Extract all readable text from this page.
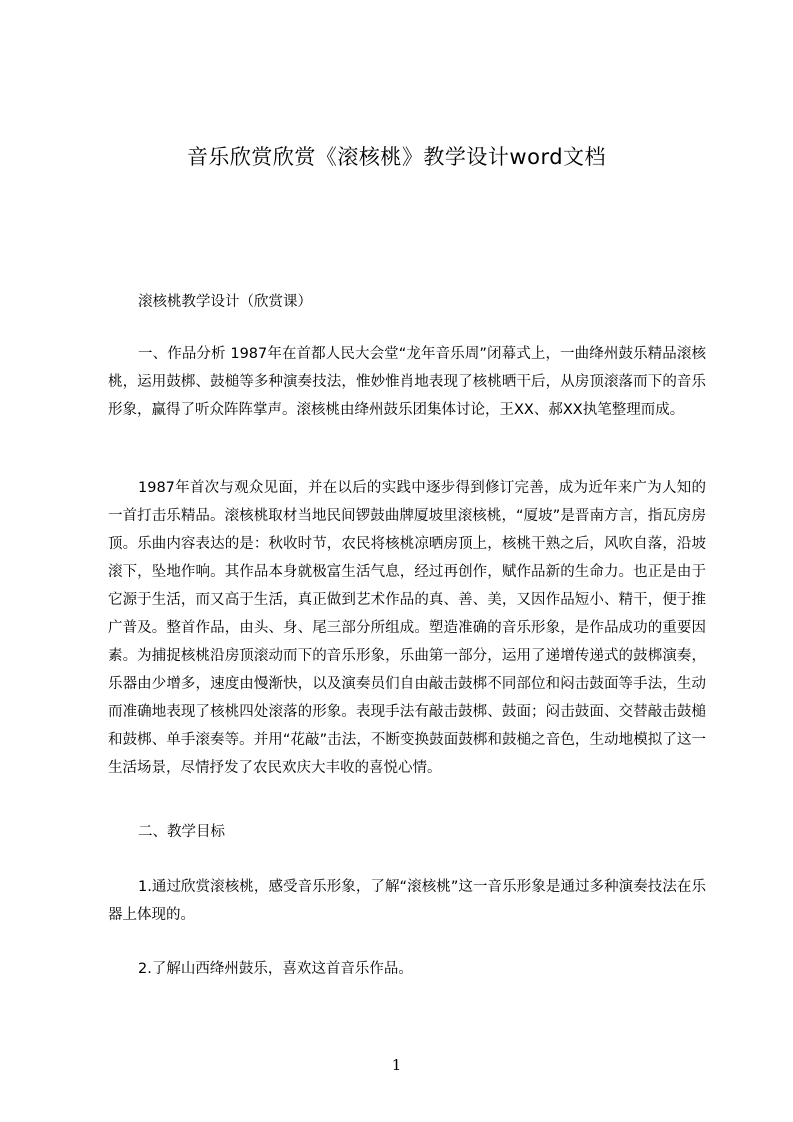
音乐欣赏欣赏《滚核桃》教学设计word文档
滚核桃教学设计（欣赏课）
一、作品分析 1987年在首都人民大会堂“龙年音乐周”闭幕式上，一曲绛州鼓乐精品滚核桃，运用鼓梆、鼓槌等多种演奏技法，惟妙惟肖地表现了核桃晒干后，从房顶滚落而下的音乐形象，赢得了听众阵阵掌声。滚核桃由绛州鼓乐团集体讨论，王XX、郝XX执笔整理而成。
1987年首次与观众见面，并在以后的实践中逐步得到修订完善，成为近年来广为人知的一首打击乐精品。滚核桃取材当地民间锣鼓曲牌厦坡里滚核桃，“厦坡”是晋南方言，指瓦房房顶。乐曲内容表达的是：秋收时节，农民将核桃凉晒房顶上，核桃干熟之后，风吹自落，沿坡滚下，坠地作响。其作品本身就极富生活气息，经过再创作，赋作品新的生命力。也正是由于它源于生活，而又高于生活，真正做到艺术作品的真、善、美，又因作品短小、精干，便于推广普及。整首作品，由头、身、尾三部分所组成。塑造准确的音乐形象，是作品成功的重要因素。为捕捉核桃沿房顶滚动而下的音乐形象，乐曲第一部分，运用了递增传递式的鼓梆演奏，乐器由少增多，速度由慢渐快，以及演奏员们自由敲击鼓梆不同部位和闷击鼓面等手法，生动而准确地表现了核桃四处滚落的形象。表现手法有敲击鼓梆、鼓面；闷击鼓面、交替敲击鼓槌和鼓梆、单手滚奏等。并用“花敲”击法，不断变换鼓面鼓梆和鼓槌之音色，生动地模拟了这一生活场景，尽情抒发了农民欢庆大丰收的喜悦心情。
二、教学目标
1.通过欣赏滚核桃，感受音乐形象，了解“滚核桃”这一音乐形象是通过多种演奏技法在乐器上体现的。
2.了解山西绛州鼓乐，喜欢这首音乐作品。
1
